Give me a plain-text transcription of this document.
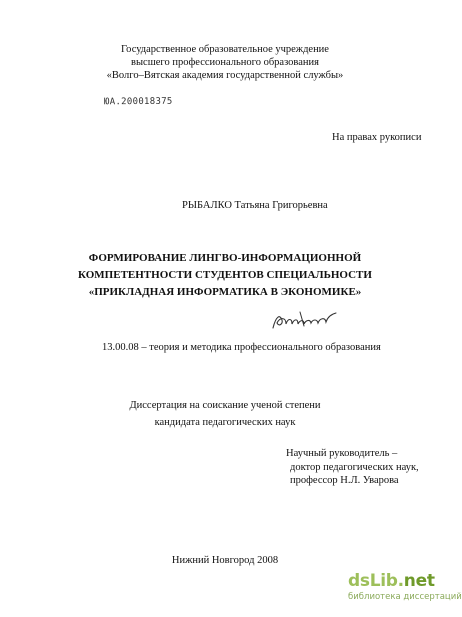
Государственное образовательное учреждение
высшего профессионального образования
«Волго–Вятская академия государственной службы»
ЮА.200018375
На правах рукописи
РЫБАЛКО Татьяна Григорьевна
ФОРМИРОВАНИЕ ЛИНГВО-ИНФОРМАЦИОННОЙ
КОМПЕТЕНТНОСТИ СТУДЕНТОВ СПЕЦИАЛЬНОСТИ
«ПРИКЛАДНАЯ ИНФОРМАТИКА В ЭКОНОМИКЕ»
13.00.08 – теория и методика профессионального образования
Диссертация на соискание ученой степени
кандидата педагогических наук
Научный руководитель –
доктор педагогических наук,
профессор Н.Л. Уварова
Нижний Новгород 2008
dsLib.net
библиотека диссертаций
